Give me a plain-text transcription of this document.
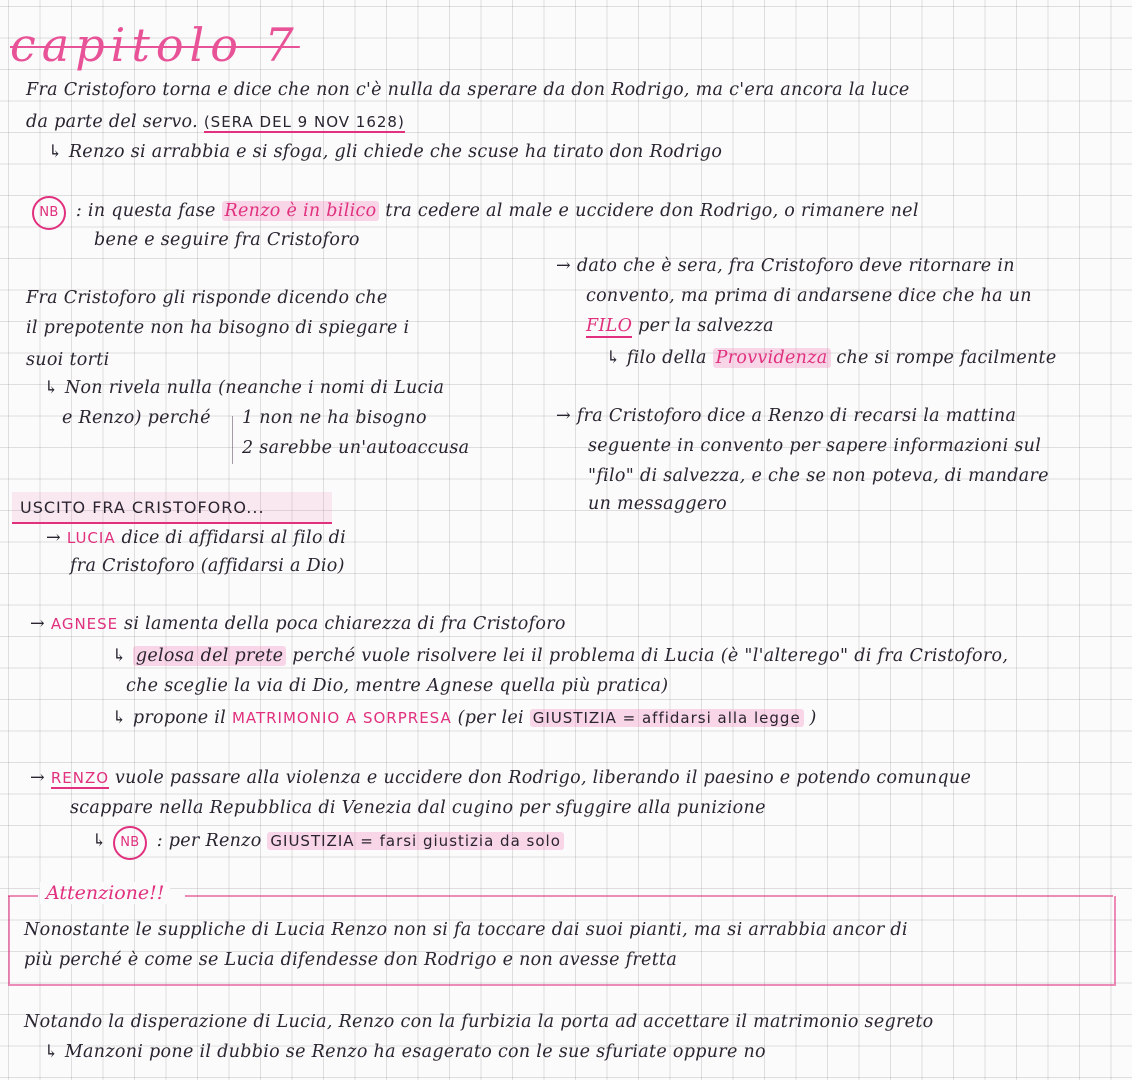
capitolo 7
Fra Cristoforo torna e dice che non c'è nulla da sperare da don Rodrigo, ma c'era ancora la luce
da parte del servo. (SERA DEL 9 NOV 1628)
↳ Renzo si arrabbia e si sfoga, gli chiede che scuse ha tirato don Rodrigo
NB : in questa fase Renzo è in bilico tra cedere al male e uccidere don Rodrigo, o rimanere nel
bene e seguire fra Cristoforo
Fra Cristoforo gli risponde dicendo che
il prepotente non ha bisogno di spiegare i
suoi torti
↳ Non rivela nulla (neanche i nomi di Lucia
e Renzo) perché 1 non ne ha bisogno
2 sarebbe un'autoaccusa
→ dato che è sera, fra Cristoforo deve ritornare in
convento, ma prima di andarsene dice che ha un
FILO per la salvezza
↳ filo della Provvidenza che si rompe facilmente
→ fra Cristoforo dice a Renzo di recarsi la mattina
seguente in convento per sapere informazioni sul
"filo" di salvezza, e che se non poteva, di mandare
un messaggero
USCITO FRA CRISTOFORO...
→ LUCIA dice di affidarsi al filo di
fra Cristoforo (affidarsi a Dio)
→ AGNESE si lamenta della poca chiarezza di fra Cristoforo
↳ gelosa del prete perché vuole risolvere lei il problema di Lucia (è "l'alterego" di fra Cristoforo,
che sceglie la via di Dio, mentre Agnese quella più pratica)
↳ propone il MATRIMONIO A SORPRESA (per lei GIUSTIZIA = affidarsi alla legge )
→ RENZO vuole passare alla violenza e uccidere don Rodrigo, liberando il paesino e potendo comunque
scappare nella Repubblica di Venezia dal cugino per sfuggire alla punizione
↳ NB : per Renzo GIUSTIZIA = farsi giustizia da solo
Attenzione!!
Nonostante le suppliche di Lucia Renzo non si fa toccare dai suoi pianti, ma si arrabbia ancor di
più perché è come se Lucia difendesse don Rodrigo e non avesse fretta
Notando la disperazione di Lucia, Renzo con la furbizia la porta ad accettare il matrimonio segreto
↳ Manzoni pone il dubbio se Renzo ha esagerato con le sue sfuriate oppure no
